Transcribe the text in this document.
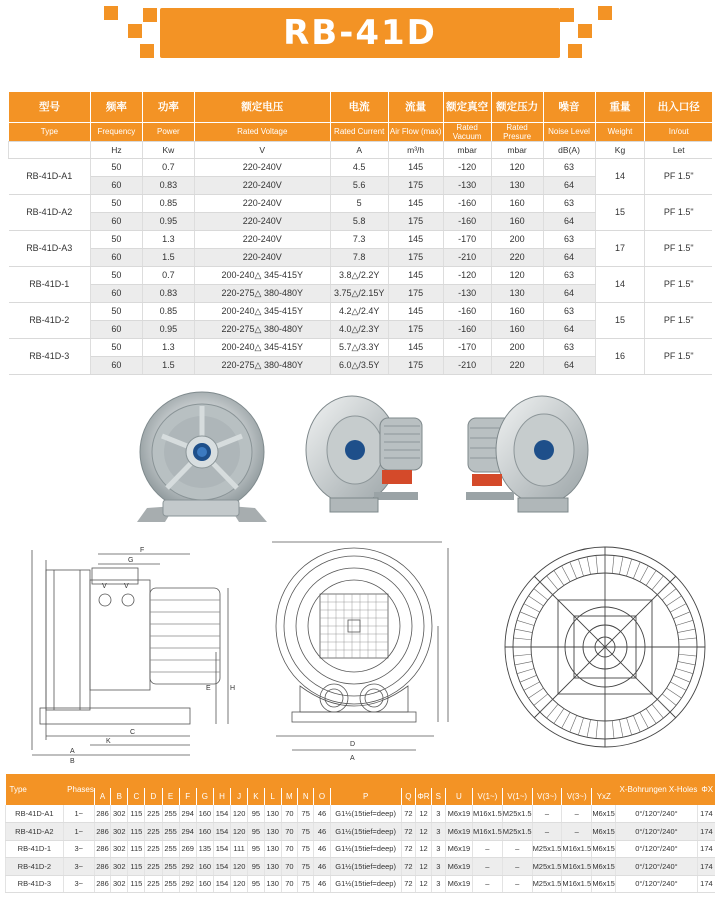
RB-41D
型号	频率	功率	额定电压	电流	流量	额定真空	额定压力	噪音	重量	出入口径
Type	Frequency	Power	Rated Voltage	Rated Current	Air Flow (max)	Rated Vacuum	Rated Presure	Noise Level	Weight	In/out
	Hz	Kw	V	A	m³/h	mbar	mbar	dB(A)	Kg	Let
RB-41D-A1	50	0.7	220-240V	4.5	145	-120	120	63	14	PF 1.5"
	60	0.83	220-240V	5.6	175	-130	130	64		
RB-41D-A2	50	0.85	220-240V	5	145	-160	160	63	15	PF 1.5"
	60	0.95	220-240V	5.8	175	-160	160	64		
RB-41D-A3	50	1.3	220-240V	7.3	145	-170	200	63	17	PF 1.5"
	60	1.5	220-240V	7.8	175	-210	220	64		
RB-41D-1	50	0.7	200-240△ 345-415Y	3.8△/2.2Y	145	-120	120	63	14	PF 1.5"
	60	0.83	220-275△ 380-480Y	3.75△/2.15Y	175	-130	130	64		
RB-41D-2	50	0.85	200-240△ 345-415Y	4.2△/2.4Y	145	-160	160	63	15	PF 1.5"
	60	0.95	220-275△ 380-480Y	4.0△/2.3Y	175	-160	160	64		
RB-41D-3	50	1.3	200-240△ 345-415Y	5.7△/3.3Y	145	-170	200	63	16	PF 1.5"
	60	1.5	220-275△ 380-480Y	6.0△/3.5Y	175	-210	220	64		
F
G
V V
H
K
A
B
C
E
D
A
Type	Phases																									X-Bohrungen X-Holes	ΦX
		A	B	C	D	E	F	G	H	J	K	L	M	N	O	P	Q	ΦR	S	U	V(1~)	V(1~)	V(3~)	V(3~)	YxZ		
RB-41D-A1	1~	286	302	115	225	255	294	160	154	120	95	130	70	75	46	G1½(15tief=deep)	72	12	3	M6x19	M16x1.5	M25x1.5	–	–	M6x15	0°/120°/240°	174
RB-41D-A2	1~	286	302	115	225	255	294	160	154	120	95	130	70	75	46	G1½(15tief=deep)	72	12	3	M6x19	M16x1.5	M25x1.5	–	–	M6x15	0°/120°/240°	174
RB-41D-1	3~	286	302	115	225	255	269	135	154	111	95	130	70	75	46	G1½(15tief=deep)	72	12	3	M6x19	–	–	M25x1.5	M16x1.5	M6x15	0°/120°/240°	174
RB-41D-2	3~	286	302	115	225	255	292	160	154	120	95	130	70	75	46	G1½(15tief=deep)	72	12	3	M6x19	–	–	M25x1.5	M16x1.5	M6x15	0°/120°/240°	174
RB-41D-3	3~	286	302	115	225	255	292	160	154	120	95	130	70	75	46	G1½(15tief=deep)	72	12	3	M6x19	–	–	M25x1.5	M16x1.5	M6x15	0°/120°/240°	174
